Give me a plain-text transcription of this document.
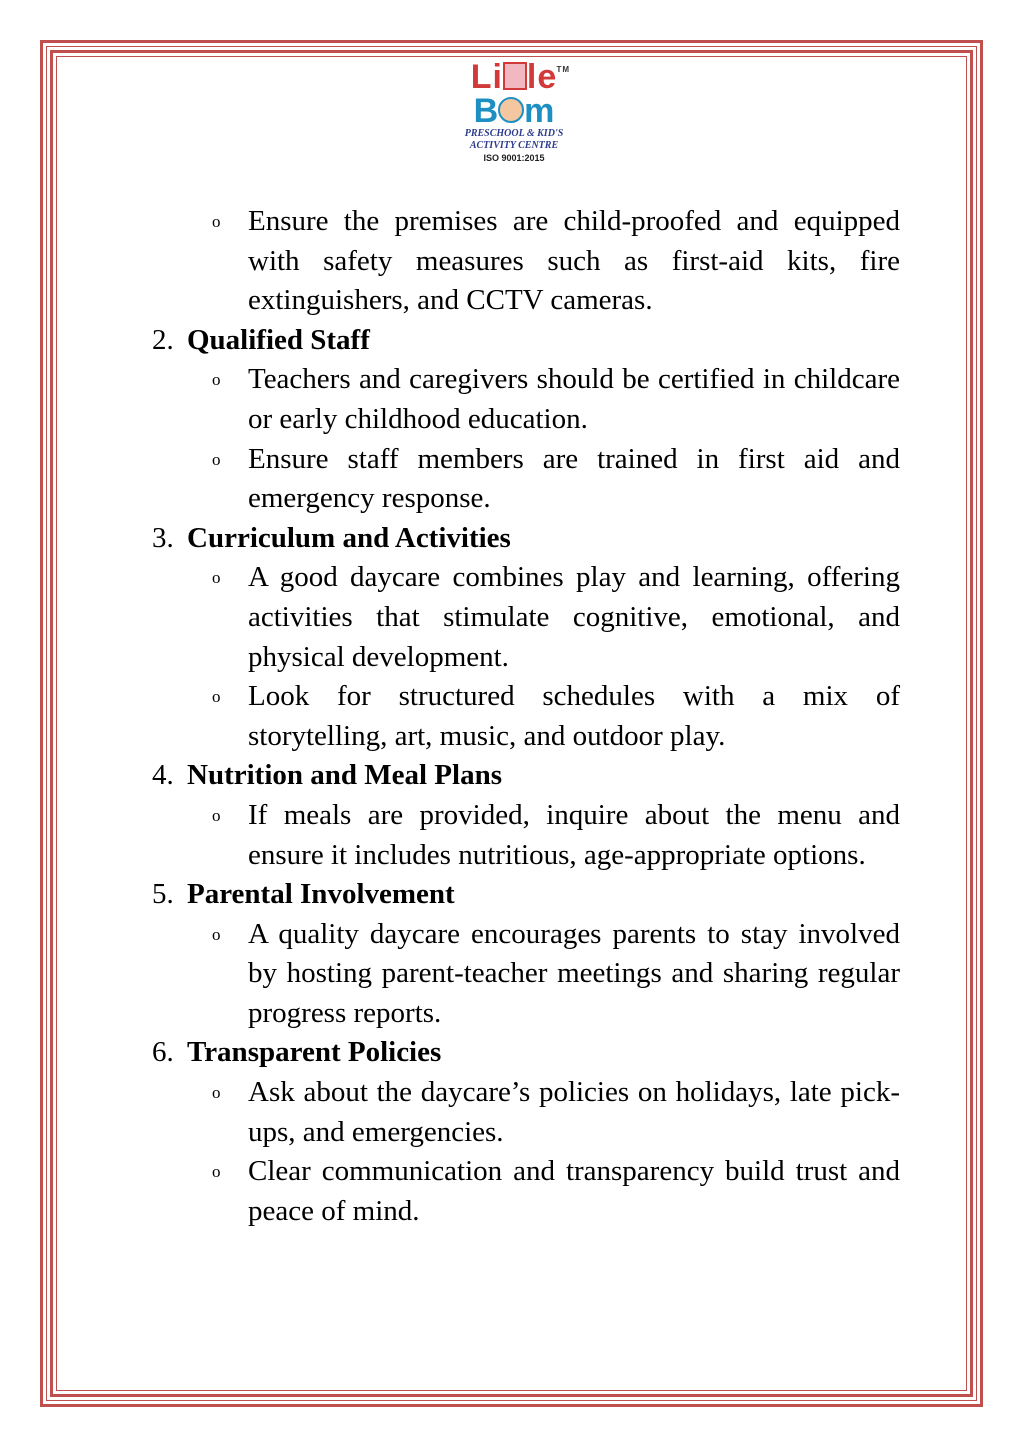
Li le TM
B m
PRESCHOOL & KID'S
ACTIVITY CENTRE
ISO 9001:2015
o Ensure the premises are child-proofed and equipped with safety measures such as first-aid kits, fire extinguishers, and CCTV cameras.
2. Qualified Staff
o Teachers and caregivers should be certified in childcare or early childhood education.
o Ensure staff members are trained in first aid and emergency response.
3. Curriculum and Activities
o A good daycare combines play and learning, offering activities that stimulate cognitive, emotional, and physical development.
o Look for structured schedules with a mix of storytelling, art, music, and outdoor play.
4. Nutrition and Meal Plans
o If meals are provided, inquire about the menu and ensure it includes nutritious, age-appropriate options.
5. Parental Involvement
o A quality daycare encourages parents to stay involved by hosting parent-teacher meetings and sharing regular progress reports.
6. Transparent Policies
o Ask about the daycare’s policies on holidays, late pick-ups, and emergencies.
o Clear communication and transparency build trust and peace of mind.
